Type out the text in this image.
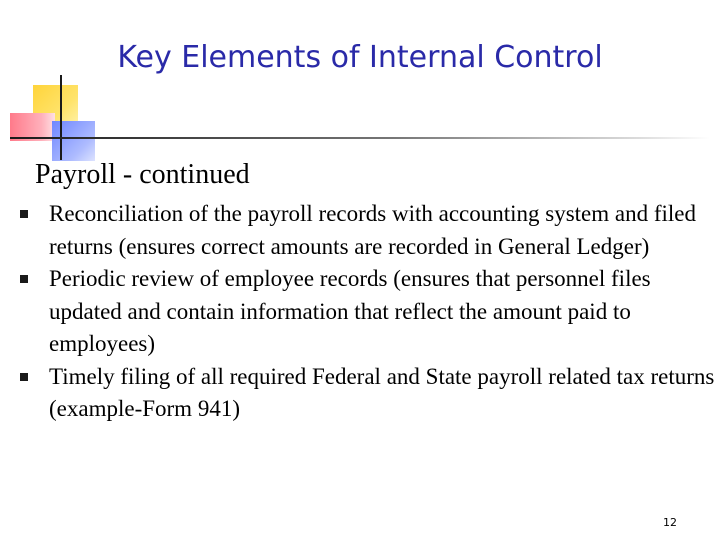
Key Elements of Internal Control
Payroll - continued
Reconciliation of the payroll records with accounting system and filed returns (ensures correct amounts are recorded in General Ledger)
Periodic review of employee records (ensures that personnel files updated and contain information that reflect the amount paid to employees)
Timely filing of all required Federal and State payroll related tax returns (example-Form 941)
12
